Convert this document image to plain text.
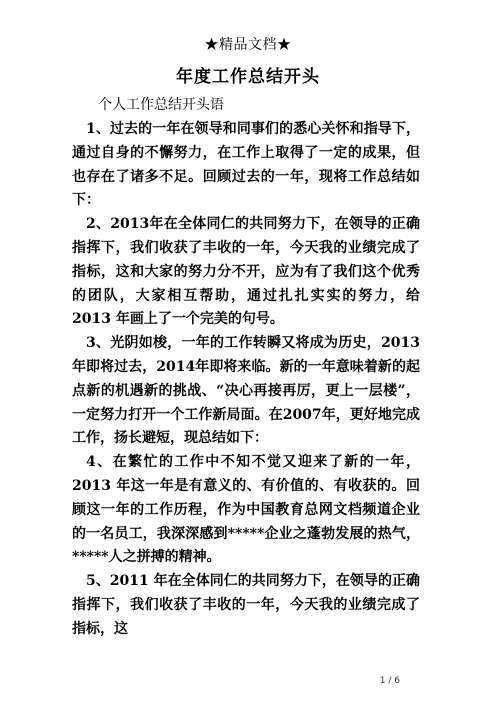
★精品文档★
年度工作总结开头
个人工作总结开头语

1、过去的一年在领导和同事们的悉心关怀和指导下，通过自身的不懈努力，在工作上取得了一定的成果，但也存在了诸多不足。回顾过去的一年，现将工作总结如下：

2、2013年在全体同仁的共同努力下，在领导的正确指挥下，我们收获了丰收的一年，今天我的业绩完成了指标，这和大家的努力分不开，应为有了我们这个优秀的团队，大家相互帮助，通过扎扎实实的努力，给 2013 年画上了一个完美的句号。

3、光阴如梭，一年的工作转瞬又将成为历史，2013 年即将过去，2014年即将来临。新的一年意味着新的起点新的机遇新的挑战、“决心再接再厉，更上一层楼”，一定努力打开一个工作新局面。在2007年，更好地完成工作，扬长避短，现总结如下：

4、在繁忙的工作中不知不觉又迎来了新的一年，2013 年这一年是有意义的、有价值的、有收获的。回顾这一年的工作历程，作为中国教育总网文档频道企业的一名员工，我深深感到*****企业之蓬勃发展的热气，*****人之拼搏的精神。

5、2011 年在全体同仁的共同努力下，在领导的正确指挥下，我们收获了丰收的一年，今天我的业绩完成了指标，这

1 / 6
